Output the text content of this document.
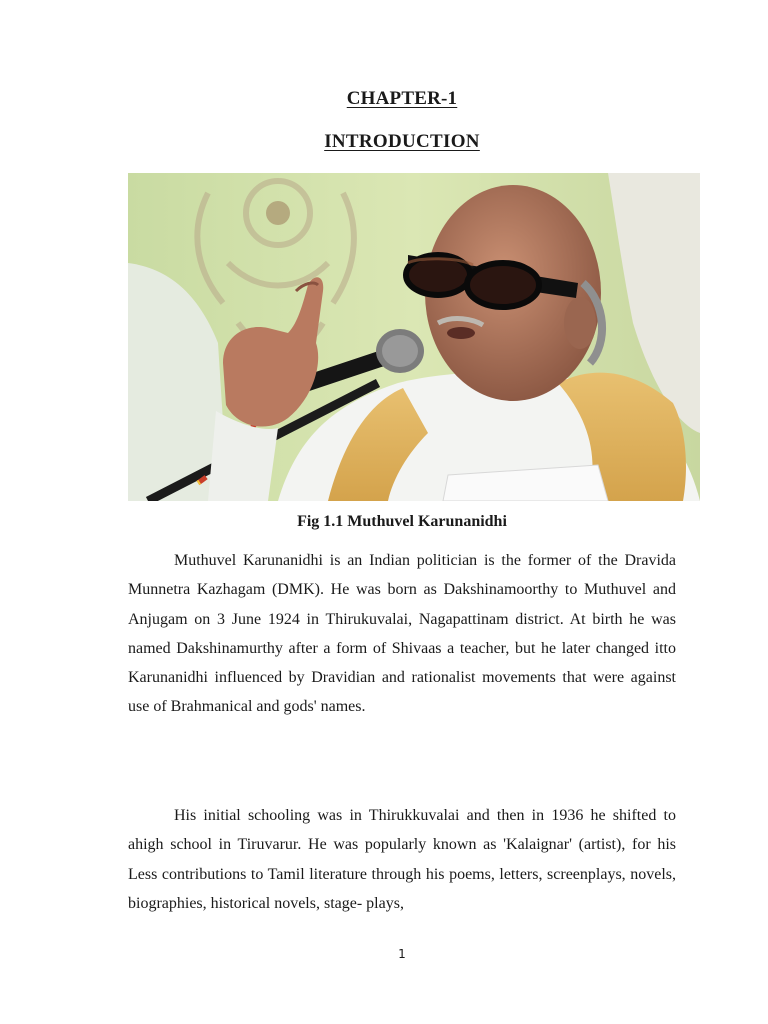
CHAPTER-1
INTRODUCTION
Fig 1.1 Muthuvel Karunanidhi

Muthuvel Karunanidhi is an Indian politician is the former of the Dravida Munnetra Kazhagam (DMK). He was born as Dakshinamoorthy to Muthuvel and Anjugam on 3 June 1924 in Thirukuvalai, Nagapattinam district. At birth he was named Dakshinamurthy after a form of Shivaas a teacher, but he later changed itto Karunanidhi influenced by Dravidian and rationalist movements that were against use of Brahmanical and gods' names.

His initial schooling was in Thirukkuvalai and then in 1936 he shifted to ahigh school in Tiruvarur. He was popularly known as 'Kalaignar' (artist), for his Less contributions to Tamil literature through his poems, letters, screenplays, novels, biographies, historical novels, stage- plays,

1
